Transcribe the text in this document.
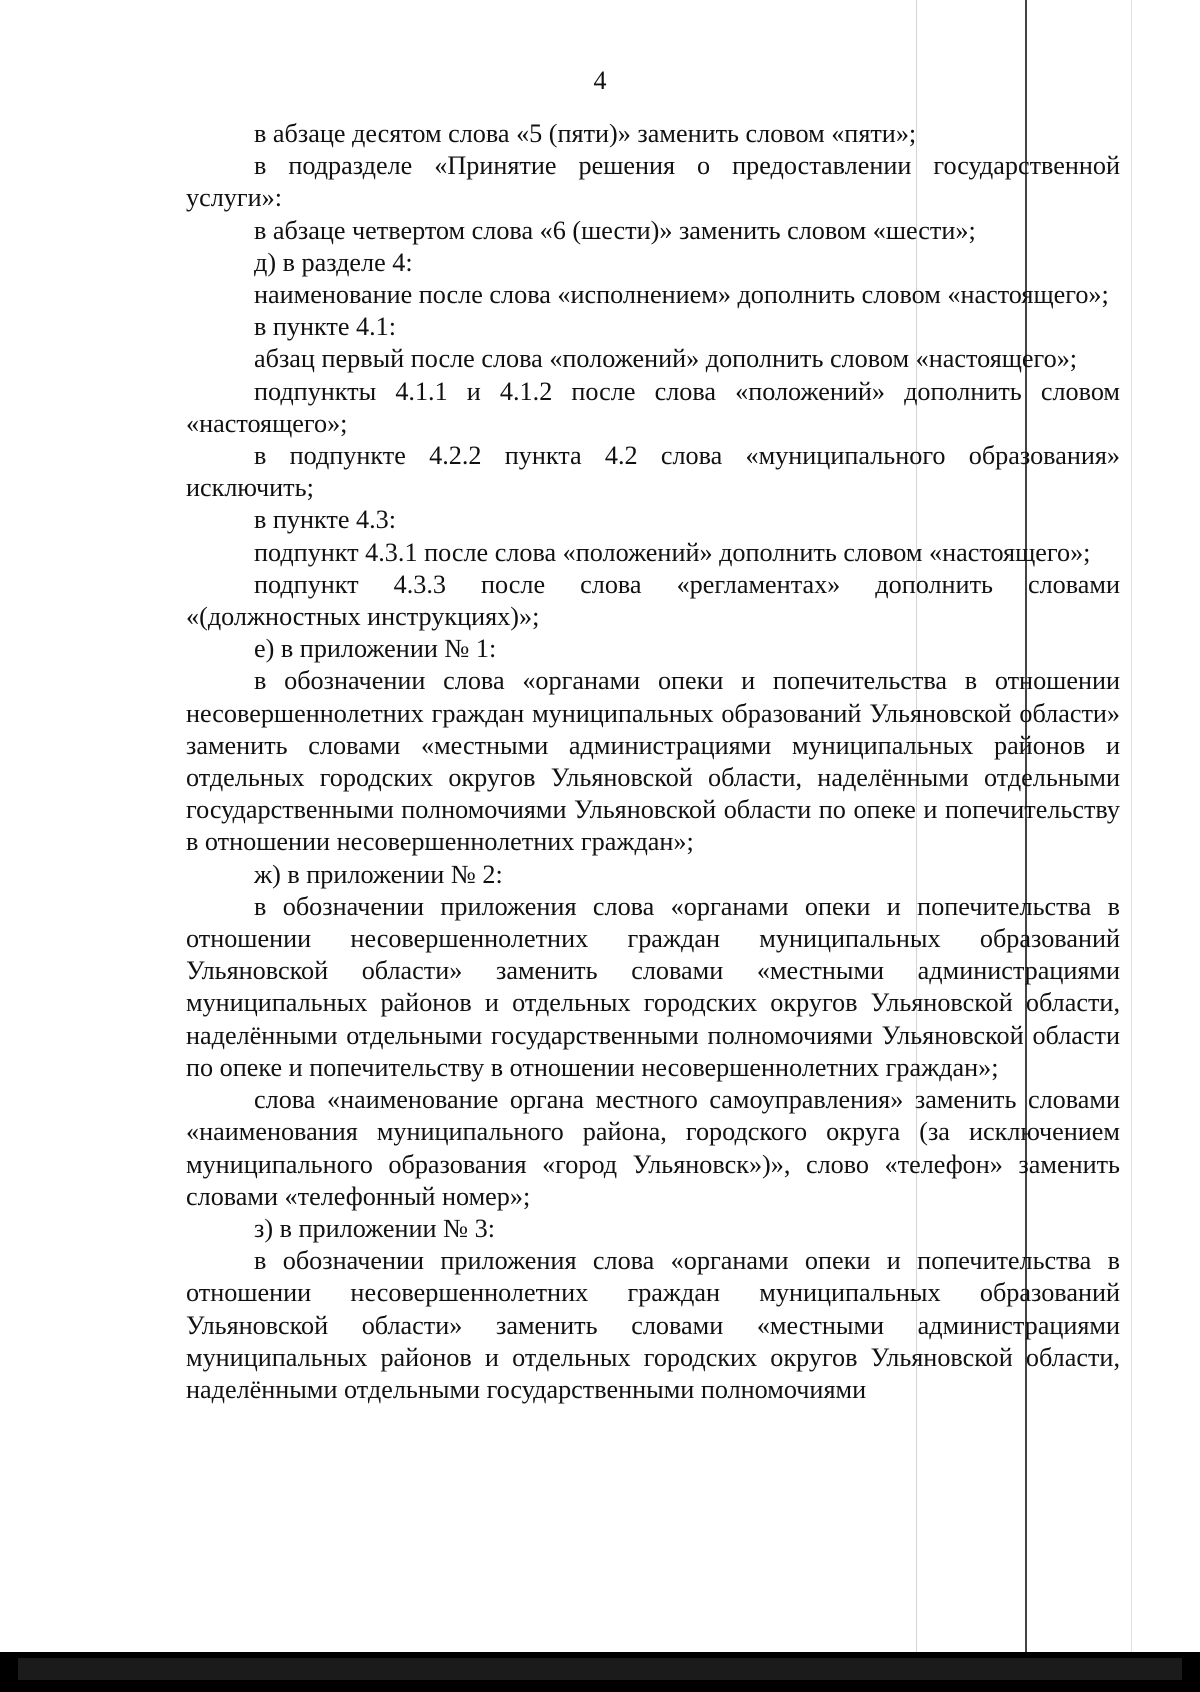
4

в абзаце десятом слова «5 (пяти)» заменить словом «пяти»;

в подразделе «Принятие решения о предоставлении государственной услуги»:

в абзаце четвертом слова «6 (шести)» заменить словом «шести»;

д) в разделе 4:

наименование после слова «исполнением» дополнить словом «настоящего»;

в пункте 4.1:

абзац первый после слова «положений» дополнить словом «настоящего»;

подпункты 4.1.1 и 4.1.2 после слова «положений» дополнить словом «настоящего»;

в подпункте 4.2.2 пункта 4.2 слова «муниципального образования» исключить;

в пункте 4.3:

подпункт 4.3.1 после слова «положений» дополнить словом «настоящего»;

подпункт 4.3.3 после слова «регламентах» дополнить словами «(должностных инструкциях)»;

е) в приложении № 1:

в обозначении слова «органами опеки и попечительства в отношении несовершеннолетних граждан муниципальных образований Ульяновской области» заменить словами «местными администрациями муниципальных районов и отдельных городских округов Ульяновской области, наделёнными отдельными государственными полномочиями Ульяновской области по опеке и попечительству в отношении несовершеннолетних граждан»;

ж) в приложении № 2:

в обозначении приложения слова «органами опеки и попечительства в отношении несовершеннолетних граждан муниципальных образований Ульяновской области» заменить словами «местными администрациями муниципальных районов и отдельных городских округов Ульяновской области, наделёнными отдельными государственными полномочиями Ульяновской области по опеке и попечительству в отношении несовершеннолетних граждан»;

слова «наименование органа местного самоуправления» заменить словами «наименования муниципального района, городского округа (за исключением муниципального образования «город Ульяновск»)», слово «телефон» заменить словами «телефонный номер»;

з) в приложении № 3:

в обозначении приложения слова «органами опеки и попечительства в отношении несовершеннолетних граждан муниципальных образований Ульяновской области» заменить словами «местными администрациями муниципальных районов и отдельных городских округов Ульяновской области, наделёнными отдельными государственными полномочиями
